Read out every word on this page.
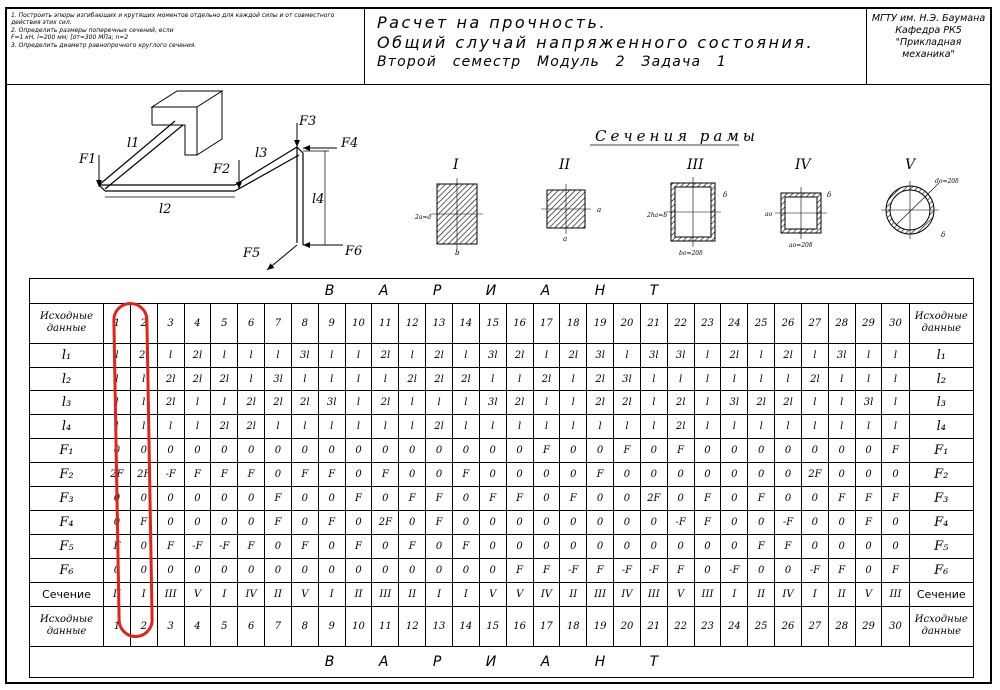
1. Построить эпюры изгибающих и крутящих моментов отдельно для каждой силы и от совместного действия этих сил.
2. Определить размеры поперечных сечений, если
F=1 кН, l=200 мм; [σт=300 МПа; n=2
3. Определить диаметр равнопрочного круглого сечения.
Расчет на прочность.
Общий случай напряженного состояния.
Второй семестр Модуль 2 Задача 1
МГТУ им. Н.Э. Баумана
Кафедра РК5
"Прикладная механика"
l1
l2
l3
l4
F1
F2
F3
F4
F5	F6
Сечения рамы
I
2a=d
b
II
a
a
III
2ha=b
δ
bo=20δ
IV
ao
δ
ao=20δ
V
do=20δ
δ
В А Р И А Н Т																															
Исходные данные	1	2	3	4	5	6	7	8	9	10	11	12	13	14	15	16	17	18	19	20	21	22	23	24	25	26	27	28	29	30	Исходные данные
l₁	l	2l	l	2l	l	l	l	3l	l	l	2l	l	2l	l	3l	2l	l	2l	3l	l	3l	3l	l	2l	l	2l	l	3l	l	l	l₁
l₂	l	l	2l	2l	2l	l	3l	l	l	l	l	2l	2l	2l	l	l	2l	l	2l	3l	l	l	l	l	l	l	2l	l	l	l	l₂
l₃	l	l	2l	l	l	2l	2l	2l	3l	l	2l	l	l	l	3l	2l	l	l	2l	2l	l	2l	l	3l	2l	2l	l	l	3l	l	l₃
l₄	l	l	l	l	2l	2l	l	l	l	l	l	l	2l	l	l	l	l	l	l	l	l	2l	l	l	l	l	l	l	l	l	l₄
F₁	0	0	0	0	0	0	0	0	0	0	0	0	0	0	0	0	F	0	0	F	0	F	0	0	0	0	0	0	0	F	F₁
F₂	2F	2F	-F	F	F	F	0	F	F	0	F	0	0	F	0	0	0	0	F	0	0	0	0	0	0	0	2F	0	0	0	F₂
F₃	0	0	0	0	0	0	F	0	0	F	0	F	F	0	F	F	0	F	0	0	2F	0	F	0	F	0	0	F	F	F	F₃
F₄	0	F	0	0	0	0	F	0	F	0	2F	0	F	0	0	0	0	0	0	0	0	-F	F	0	0	-F	0	0	F	0	F₄
F₅	F	0	F	-F	-F	F	0	F	0	F	0	F	0	F	0	0	0	0	0	0	0	0	0	0	F	F	0	0	0	0	F₅
F₆	0	0	0	0	0	0	0	0	0	0	0	0	0	0	0	F	F	-F	F	-F	-F	F	0	-F	0	0	-F	F	0	F	F₆
Сечение	II	I	III	V	I	IV	II	V	I	II	III	II	I	I	V	V	IV	II	III	IV	III	V	III	I	II	IV	I	II	V	III	Сечение
Исходные данные	1	2	3	4	5	6	7	8	9	10	11	12	13	14	15	16	17	18	19	20	21	22	23	24	25	26	27	28	29	30	Исходные данные
В А Р И А Н Т																															
